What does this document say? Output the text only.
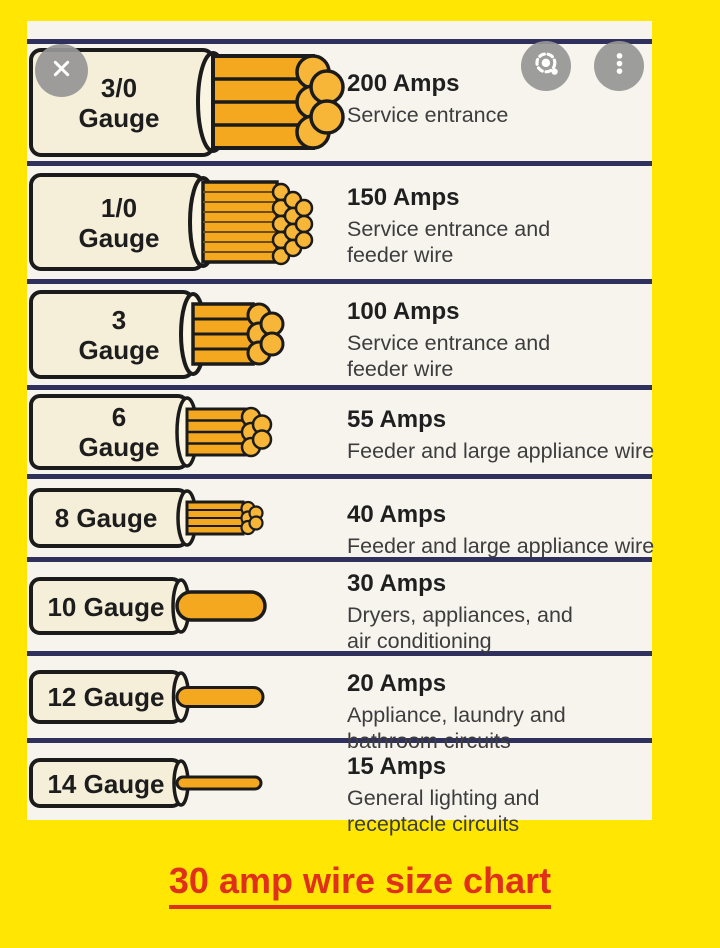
3/0
Gauge
200 Amps
Service entrance
1/0
Gauge
150 Amps
Service entrance and
feeder wire
3
Gauge
100 Amps
Service entrance and
feeder wire
6
Gauge
55 Amps
Feeder and large appliance wire
8 Gauge	40 Amps
Feeder and large appliance wire
10 Gauge
30 Amps
Dryers, appliances, and
air conditioning
12 Gauge	20 Amps
Appliance, laundry and
bathroom circuits
14 Gauge
15 Amps
General lighting and
receptacle circuits
30 amp wire size chart
